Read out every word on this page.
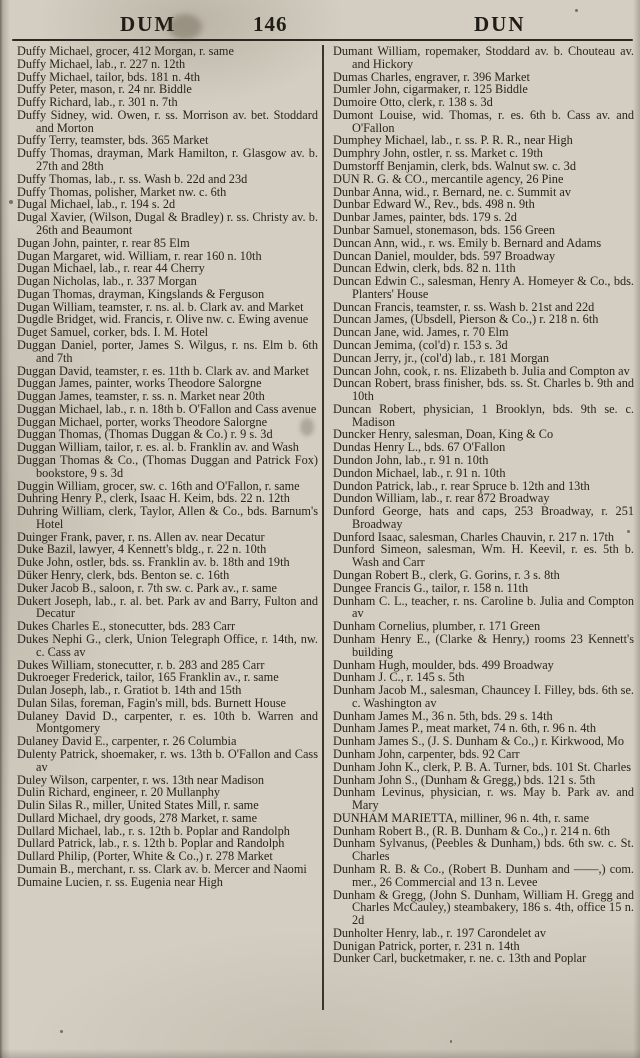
DUM	146	DUN
Duffy Michael, grocer, 412 Morgan, r. same
Duffy Michael, lab., r. 227 n. 12th
Duffy Michael, tailor, bds. 181 n. 4th
Duffy Peter, mason, r. 24 nr. Biddle
Duffy Richard, lab., r. 301 n. 7th
Duffy Sidney, wid. Owen, r. ss. Morrison av. bet. Stoddard and Morton
Duffy Terry, teamster, bds. 365 Market
Duffy Thomas, drayman, Mark Hamilton, r. Glasgow av. b. 27th and 28th
Duffy Thomas, lab., r. ss. Wash b. 22d and 23d
Duffy Thomas, polisher, Market nw. c. 6th
Dugal Michael, lab., r. 194 s. 2d
Dugal Xavier, (Wilson, Dugal & Bradley) r. ss. Christy av. b. 26th and Beaumont
Dugan John, painter, r. rear 85 Elm
Dugan Margaret, wid. William, r. rear 160 n. 10th
Dugan Michael, lab., r. rear 44 Cherry
Dugan Nicholas, lab., r. 337 Morgan
Dugan Thomas, drayman, Kingslands & Ferguson
Dugan William, teamster, r. ns. al. b. Clark av. and Market
Dugdle Bridget, wid. Francis, r. Olive nw. c. Ewing avenue
Duget Samuel, corker, bds. I. M. Hotel
Duggan Daniel, porter, James S. Wilgus, r. ns. Elm b. 6th and 7th
Duggan David, teamster, r. es. 11th b. Clark av. and Market
Duggan James, painter, works Theodore Salorgne
Duggan James, teamster, r. ss. n. Market near 20th
Duggan Michael, lab., r. n. 18th b. O'Fallon and Cass avenue
Duggan Michael, porter, works Theodore Salorgne
Duggan Thomas, (Thomas Duggan & Co.) r. 9 s. 3d
Duggan William, tailor, r. es. al. b. Franklin av. and Wash
Duggan Thomas & Co., (Thomas Duggan and Patrick Fox) bookstore, 9 s. 3d
Duggin William, grocer, sw. c. 16th and O'Fallon, r. same
Duhring Henry P., clerk, Isaac H. Keim, bds. 22 n. 12th
Duhring William, clerk, Taylor, Allen & Co., bds. Barnum's Hotel
Duinger Frank, paver, r. ns. Allen av. near Decatur
Duke Bazil, lawyer, 4 Kennett's bldg., r. 22 n. 10th
Duke John, ostler, bds. ss. Franklin av. b. 18th and 19th
Düker Henry, clerk, bds. Benton se. c. 16th
Duker Jacob B., saloon, r. 7th sw. c. Park av., r. same
Dukert Joseph, lab., r. al. bet. Park av and Barry, Fulton and Decatur
Dukes Charles E., stonecutter, bds. 283 Carr
Dukes Nephi G., clerk, Union Telegraph Office, r. 14th, nw. c. Cass av
Dukes William, stonecutter, r. b. 283 and 285 Carr
Dukroeger Frederick, tailor, 165 Franklin av., r. same
Dulan Joseph, lab., r. Gratiot b. 14th and 15th
Dulan Silas, foreman, Fagin's mill, bds. Burnett House
Dulaney David D., carpenter, r. es. 10th b. Warren and Montgomery
Dulaney David E., carpenter, r. 26 Columbia
Dulenty Patrick, shoemaker, r. ws. 13th b. O'Fallon and Cass av
Duley Wilson, carpenter, r. ws. 13th near Madison
Dulin Richard, engineer, r. 20 Mullanphy
Dulin Silas R., miller, United States Mill, r. same
Dullard Michael, dry goods, 278 Market, r. same
Dullard Michael, lab., r. s. 12th b. Poplar and Randolph
Dullard Patrick, lab., r. s. 12th b. Poplar and Randolph
Dullard Philip, (Porter, White & Co.,) r. 278 Market
Dumain B., merchant, r. ss. Clark av. b. Mercer and Naomi
Dumaine Lucien, r. ss. Eugenia near High
Dumant William, ropemaker, Stoddard av. b. Chouteau av. and Hickory
Dumas Charles, engraver, r. 396 Market
Dumler John, cigarmaker, r. 125 Biddle
Dumoire Otto, clerk, r. 138 s. 3d
Dumont Louise, wid. Thomas, r. es. 6th b. Cass av. and O'Fallon
Dumphey Michael, lab., r. ss. P. R. R., near High
Dumphry John, ostler, r. ss. Market c. 19th
Dumstorff Benjamin, clerk, bds. Walnut sw. c. 3d
DUN R. G. & CO., mercantile agency, 26 Pine
Dunbar Anna, wid., r. Bernard, ne. c. Summit av
Dunbar Edward W., Rev., bds. 498 n. 9th
Dunbar James, painter, bds. 179 s. 2d
Dunbar Samuel, stonemason, bds. 156 Green
Duncan Ann, wid., r. ws. Emily b. Bernard and Adams
Duncan Daniel, moulder, bds. 597 Broadway
Duncan Edwin, clerk, bds. 82 n. 11th
Duncan Edwin C., salesman, Henry A. Homeyer & Co., bds. Planters' House
Duncan Francis, teamster, r. ss. Wash b. 21st and 22d
Duncan James, (Ubsdell, Pierson & Co.,) r. 218 n. 6th
Duncan Jane, wid. James, r. 70 Elm
Duncan Jemima, (col'd) r. 153 s. 3d
Duncan Jerry, jr., (col'd) lab., r. 181 Morgan
Duncan John, cook, r. ns. Elizabeth b. Julia and Compton av
Duncan Robert, brass finisher, bds. ss. St. Charles b. 9th and 10th
Duncan Robert, physician, 1 Brooklyn, bds. 9th se. c. Madison
Duncker Henry, salesman, Doan, King & Co
Dundas Henry L., bds. 67 O'Fallon
Dundon John, lab., r. 91 n. 10th
Dundon Michael, lab., r. 91 n. 10th
Dundon Patrick, lab., r. rear Spruce b. 12th and 13th
Dundon William, lab., r. rear 872 Broadway
Dunford George, hats and caps, 253 Broadway, r. 251 Broadway
Dunford Isaac, salesman, Charles Chauvin, r. 217 n. 17th
Dunford Simeon, salesman, Wm. H. Keevil, r. es. 5th b. Wash and Carr
Dungan Robert B., clerk, G. Gorins, r. 3 s. 8th
Dungee Francis G., tailor, r. 158 n. 11th
Dunham C. L., teacher, r. ns. Caroline b. Julia and Compton av
Dunham Cornelius, plumber, r. 171 Green
Dunham Henry E., (Clarke & Henry,) rooms 23 Kennett's building
Dunham Hugh, moulder, bds. 499 Broadway
Dunham J. C., r. 145 s. 5th
Dunham Jacob M., salesman, Chauncey I. Filley, bds. 6th se. c. Washington av
Dunham James M., 36 n. 5th, bds. 29 s. 14th
Dunham James P., meat market, 74 n. 6th, r. 96 n. 4th
Dunham James S., (J. S. Dunham & Co.,) r. Kirkwood, Mo
Dunham John, carpenter, bds. 92 Carr
Dunham John K., clerk, P. B. A. Turner, bds. 101 St. Charles
Dunham John S., (Dunham & Gregg,) bds. 121 s. 5th
Dunham Levinus, physician, r. ws. May b. Park av. and Mary
DUNHAM MARIETTA, milliner, 96 n. 4th, r. same
Dunham Robert B., (R. B. Dunham & Co.,) r. 214 n. 6th
Dunham Sylvanus, (Peebles & Dunham,) bds. 6th sw. c. St. Charles
Dunham R. B. & Co., (Robert B. Dunham and ——,) com. mer., 26 Commercial and 13 n. Levee
Dunham & Gregg, (John S. Dunham, William H. Gregg and Charles McCauley,) steambakery, 186 s. 4th, office 15 n. 2d
Dunholter Henry, lab., r. 197 Carondelet av
Dunigan Patrick, porter, r. 231 n. 14th
Dunker Carl, bucketmaker, r. ne. c. 13th and Poplar
